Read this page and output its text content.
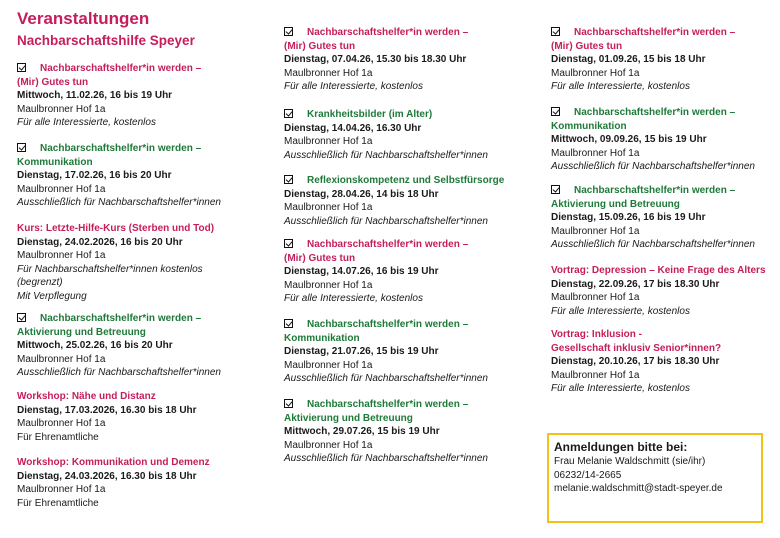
Veranstaltungen
Nachbarschaftshilfe Speyer
Nachbarschaftshelfer*in werden –
(Mir) Gutes tun
Mittwoch, 11.02.26, 16 bis 19 Uhr
Maulbronner Hof 1a
Für alle Interessierte, kostenlos
Nachbarschaftshelfer*in werden –
Kommunikation
Dienstag, 17.02.26, 16 bis 20 Uhr
Maulbronner Hof 1a
Ausschließlich für Nachbarschaftshelfer*innen
Kurs: Letzte-Hilfe-Kurs (Sterben und Tod)
Dienstag, 24.02.2026, 16 bis 20 Uhr
Maulbronner Hof 1a
Für Nachbarschaftshelfer*innen kostenlos
(begrenzt)
Mit Verpflegung
Nachbarschaftshelfer*in werden –
Aktivierung und Betreuung
Mittwoch, 25.02.26, 16 bis 20 Uhr
Maulbronner Hof 1a
Ausschließlich für Nachbarschaftshelfer*innen
Workshop: Nähe und Distanz
Dienstag, 17.03.2026, 16.30 bis 18 Uhr
Maulbronner Hof 1a
Für Ehrenamtliche
Workshop: Kommunikation und Demenz
Dienstag, 24.03.2026, 16.30 bis 18 Uhr
Maulbronner Hof 1a
Für Ehrenamtliche
Nachbarschaftshelfer*in werden –
(Mir) Gutes tun
Dienstag, 07.04.26, 15.30 bis 18.30 Uhr
Maulbronner Hof 1a
Für alle Interessierte, kostenlos
Krankheitsbilder (im Alter)
Dienstag, 14.04.26, 16.30 Uhr
Maulbronner Hof 1a
Ausschließlich für Nachbarschaftshelfer*innen
Reflexionskompetenz und Selbstfürsorge
Dienstag, 28.04.26, 14 bis 18 Uhr
Maulbronner Hof 1a
Ausschließlich für Nachbarschaftshelfer*innen
Nachbarschaftshelfer*in werden –
(Mir) Gutes tun
Dienstag, 14.07.26, 16 bis 19 Uhr
Maulbronner Hof 1a
Für alle Interessierte, kostenlos
Nachbarschaftshelfer*in werden –
Kommunikation
Dienstag, 21.07.26, 15 bis 19 Uhr
Maulbronner Hof 1a
Ausschließlich für Nachbarschaftshelfer*innen
Nachbarschaftshelfer*in werden –
Aktivierung und Betreuung
Mittwoch, 29.07.26, 15 bis 19 Uhr
Maulbronner Hof 1a
Ausschließlich für Nachbarschaftshelfer*innen
Nachbarschaftshelfer*in werden –
(Mir) Gutes tun
Dienstag, 01.09.26, 15 bis 18 Uhr
Maulbronner Hof 1a
Für alle Interessierte, kostenlos
Nachbarschaftshelfer*in werden –
Kommunikation
Mittwoch, 09.09.26, 15 bis 19 Uhr
Maulbronner Hof 1a
Ausschließlich für Nachbarschaftshelfer*innen
Nachbarschaftshelfer*in werden –
Aktivierung und Betreuung
Dienstag, 15.09.26, 16 bis 19 Uhr
Maulbronner Hof 1a
Ausschließlich für Nachbarschaftshelfer*innen
Vortrag: Depression – Keine Frage des Alters
Dienstag, 22.09.26, 17 bis 18.30 Uhr
Maulbronner Hof 1a
Für alle Interessierte, kostenlos
Vortrag: Inklusion -
Gesellschaft inklusiv Senior*innen?
Dienstag, 20.10.26, 17 bis 18.30 Uhr
Maulbronner Hof 1a
Für alle Interessierte, kostenlos
Anmeldungen bitte bei:
Frau Melanie Waldschmitt (sie/ihr)
06232/14-2665
melanie.waldschmitt@stadt-speyer.de
